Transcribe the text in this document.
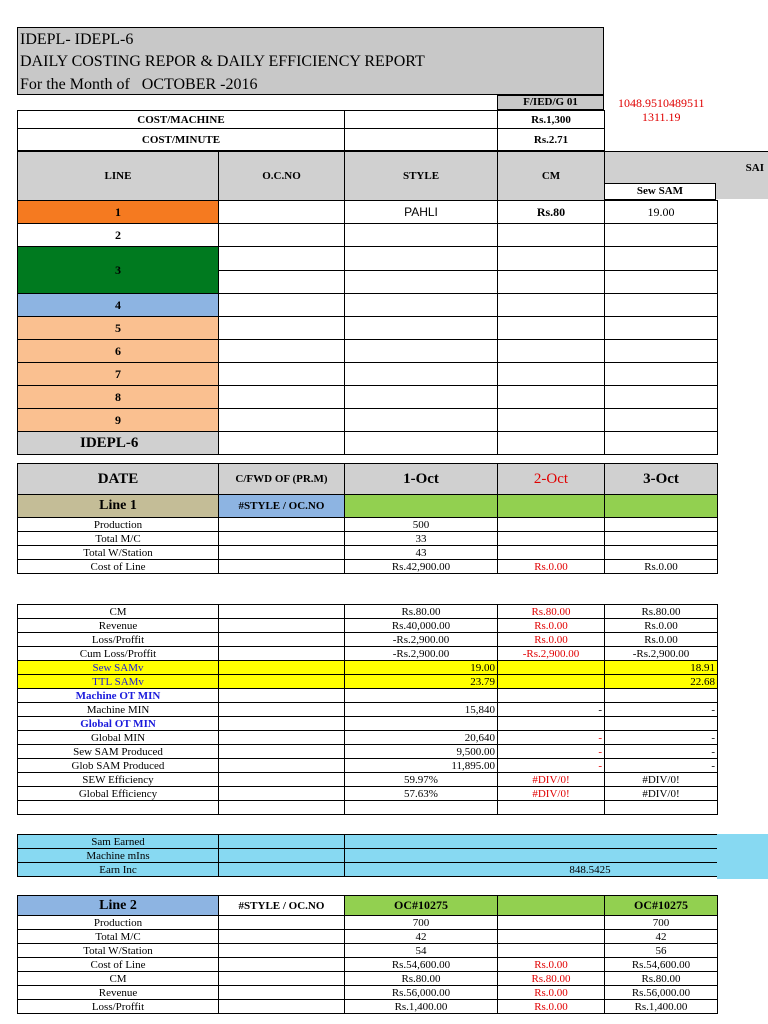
IDEPL- IDEPL-6
DAILY COSTING REPOR & DAILY EFFICIENCY REPORT
For the Month of OCTOBER -2016
F/IED/G 01	1048.9510489511
1311.19
COST/MACHINE		Rs.1,300
COST/MINUTE		Rs.2.71
SAI
Sew SAM
LINE	O.C.NO	STYLE	CM	
1		PAHLI	Rs.80	19.00
2				
3				

4				
5				
6				
7				
8				
9				
IDEPL-6				
DATE	C/FWD OF (PR.M)	1-Oct	2-Oct	3-Oct
Line 1	#STYLE / OC.NO			
Production		500		
Total M/C		33		
Total W/Station		43		
Cost of Line		Rs.42,900.00	Rs.0.00	Rs.0.00
CM		Rs.80.00	Rs.80.00	Rs.80.00
Revenue		Rs.40,000.00	Rs.0.00	Rs.0.00
Loss/Proffit		-Rs.2,900.00	Rs.0.00	Rs.0.00
Cum Loss/Proffit		-Rs.2,900.00	-Rs.2,900.00	-Rs.2,900.00
Sew SAMv		19.00		18.91
TTL SAMv		23.79		22.68
Machine OT MIN				
Machine MIN		15,840	-	-
Global OT MIN				
Global MIN		20,640	-	-
Sew SAM Produced		9,500.00	-	-
Glob SAM Produced		11,895.00	-	-
SEW Efficiency		59.97%	#DIV/0!	#DIV/0!
Global Efficiency		57.63%	#DIV/0!	#DIV/0!

Sam Earned		
Machine mIns		
Earn Inc		848.5425
Line 2	#STYLE / OC.NO	OC#10275		OC#10275
Production		700		700
Total M/C		42		42
Total W/Station		54		56
Cost of Line		Rs.54,600.00	Rs.0.00	Rs.54,600.00
CM		Rs.80.00	Rs.80.00	Rs.80.00
Revenue		Rs.56,000.00	Rs.0.00	Rs.56,000.00
Loss/Proffit		Rs.1,400.00	Rs.0.00	Rs.1,400.00
